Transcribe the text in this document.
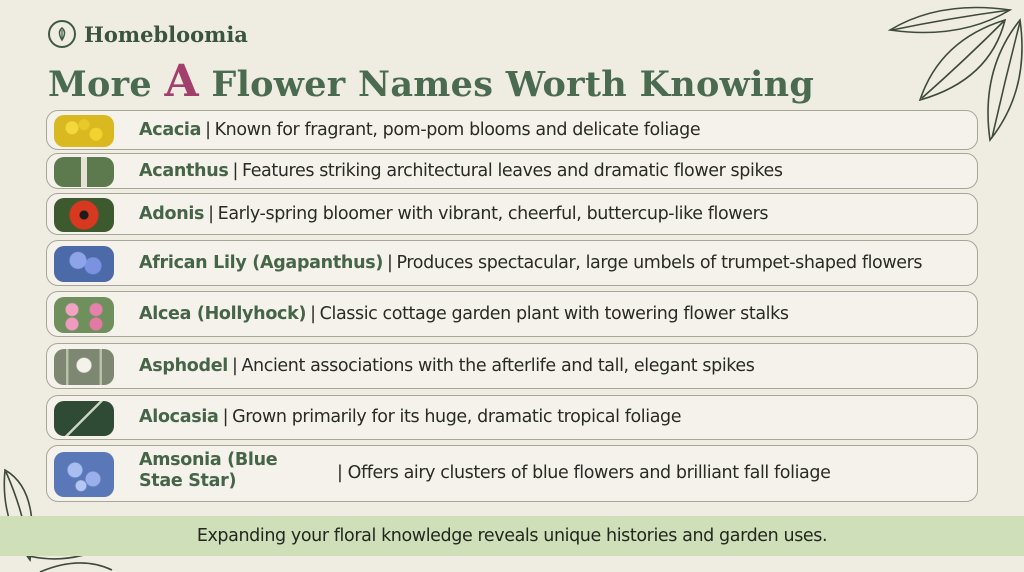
Homebloomia
More A Flower Names Worth Knowing
Acacia | Known for fragrant, pom-pom blooms and delicate foliage
Acanthus | Features striking architectural leaves and dramatic flower spikes
Adonis | Early-spring bloomer with vibrant, cheerful, buttercup-like flowers
African Lily (Agapanthus) | Produces spectacular, large umbels of trumpet-shaped flowers
Alcea (Hollyhock) | Classic cottage garden plant with towering flower stalks
Asphodel | Ancient associations with the afterlife and tall, elegant spikes
Alocasia | Grown primarily for its huge, dramatic tropical foliage
Amsonia (Blue
Stae Star)	| Offers airy clusters of blue flowers and brilliant fall foliage
Expanding your floral knowledge reveals unique histories and garden uses.
